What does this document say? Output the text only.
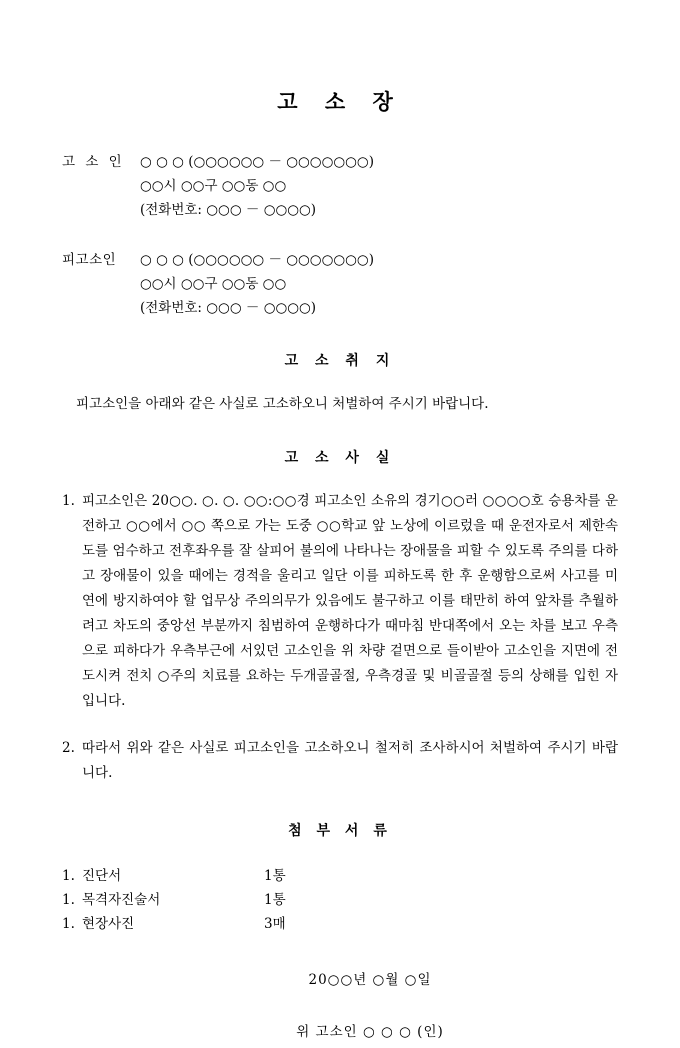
고 소 장
고 소 인	○ ○ ○ (○○○○○○ － ○○○○○○○)
○○시 ○○구 ○○동 ○○
(전화번호: ○○○ － ○○○○)
피고소인	○ ○ ○ (○○○○○○ － ○○○○○○○)
○○시 ○○구 ○○동 ○○
(전화번호: ○○○ － ○○○○)
고 소 취 지
피고소인을 아래와 같은 사실로 고소하오니 처벌하여 주시기 바랍니다.
고 소 사 실
1. 피고소인은 20○○. ○. ○. ○○:○○경 피고소인 소유의 경기○○러 ○○○○호 승용차를 운전하고 ○○에서 ○○ 쪽으로 가는 도중 ○○학교 앞 노상에 이르렀을 때 운전자로서 제한속도를 엄수하고 전후좌우를 잘 살피어 불의에 나타나는 장애물을 피할 수 있도록 주의를 다하고 장애물이 있을 때에는 경적을 울리고 일단 이를 피하도록 한 후 운행함으로써 사고를 미연에 방지하여야 할 업무상 주의의무가 있음에도 불구하고 이를 태만히 하여 앞차를 추월하려고 차도의 중앙선 부분까지 침범하여 운행하다가 때마침 반대쪽에서 오는 차를 보고 우측으로 피하다가 우측부근에 서있던 고소인을 위 차량 겉면으로 들이받아 고소인을 지면에 전도시켜 전치 ○주의 치료를 요하는 두개골골절, 우측경골 및 비골골절 등의 상해를 입힌 자입니다.
2. 따라서 위와 같은 사실로 피고소인을 고소하오니 철저히 조사하시어 처벌하여 주시기 바랍니다.
첨 부 서 류
1. 진단서	1통
1. 목격자진술서	1통
1. 현장사진	3매
20○○년 ○월 ○일
위 고소인 ○ ○ ○ (인)
